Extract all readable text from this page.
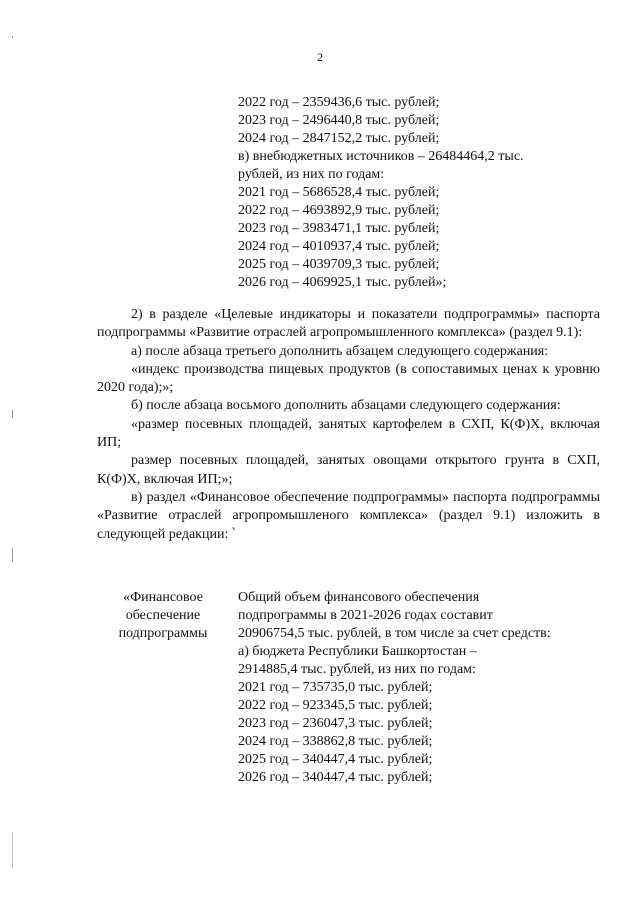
2
2022 год – 2359436,6 тыс. рублей;
2023 год – 2496440,8 тыс. рублей;
2024 год – 2847152,2 тыс. рублей;
в) внебюджетных источников – 26484464,2 тыс.
рублей, из них по годам:
2021 год – 5686528,4 тыс. рублей;
2022 год – 4693892,9 тыс. рублей;
2023 год – 3983471,1 тыс. рублей;
2024 год – 4010937,4 тыс. рублей;
2025 год – 4039709,3 тыс. рублей;
2026 год – 4069925,1 тыс. рублей»;

2) в разделе «Целевые индикаторы и показатели подпрограммы» паспорта подпрограммы «Развитие отраслей агропромышленного комплекса» (раздел 9.1):

а) после абзаца третьего дополнить абзацем следующего содержания:

«индекс производства пищевых продуктов (в сопоставимых ценах к уровню 2020 года);»;

б) после абзаца восьмого дополнить абзацами следующего содержания:

«размер посевных площадей, занятых картофелем в СХП, К(Ф)Х, включая ИП;

размер посевных площадей, занятых овощами открытого грунта в СХП, К(Ф)Х, включая ИП;»;

в) раздел «Финансовое обеспечение подпрограммы» паспорта подпрограммы «Развитие отраслей агропромышленого комплекса» (раздел 9.1) изложить в следующей редакции: ‵

«Финансовое
обеспечение
подпрограммы
Общий объем финансового обеспечения
подпрограммы в 2021-2026 годах составит
20906754,5 тыс. рублей, в том числе за счет средств:
а) бюджета Республики Башкортостан –
2914885,4 тыс. рублей, из них по годам:
2021 год – 735735,0 тыс. рублей;
2022 год – 923345,5 тыс. рублей;
2023 год – 236047,3 тыс. рублей;
2024 год – 338862,8 тыс. рублей;
2025 год – 340447,4 тыс. рублей;
2026 год – 340447,4 тыс. рублей;
